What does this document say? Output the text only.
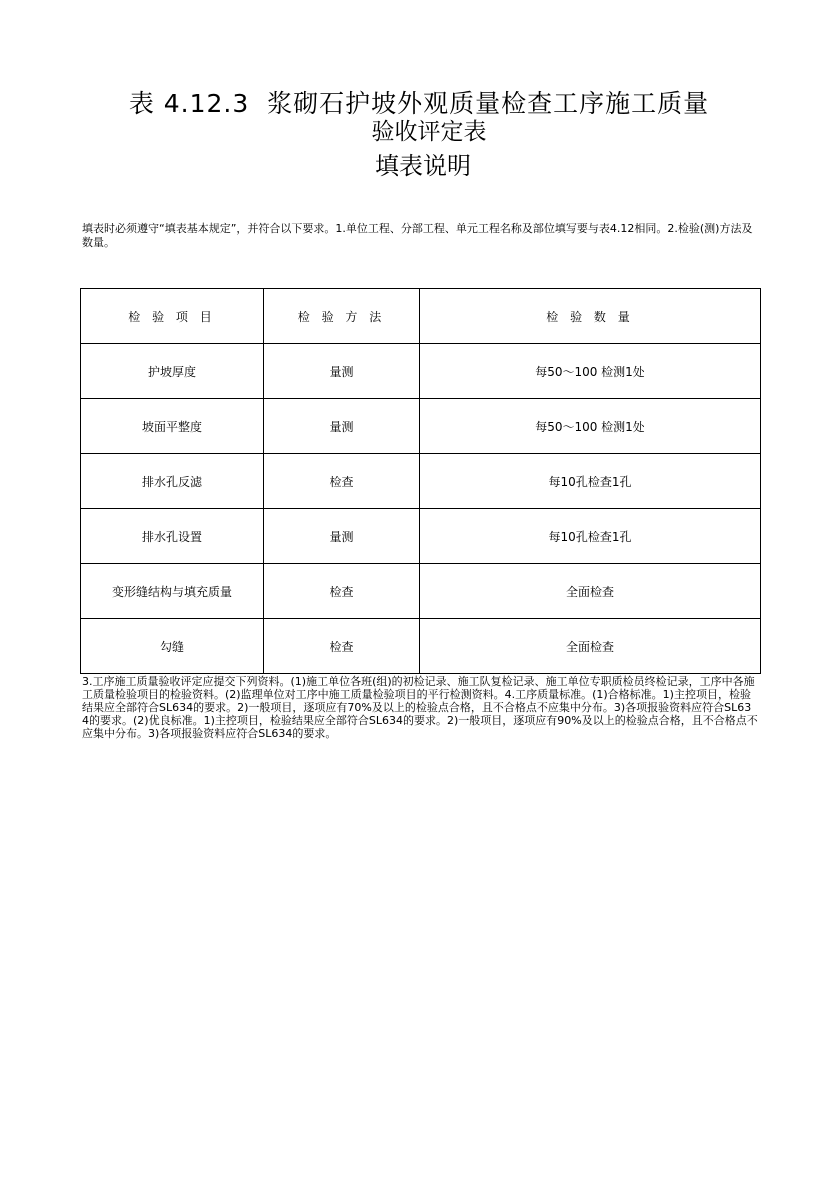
表 4.12.3  浆砌石护坡外观质量检查工序施工质量
验收评定表
填表说明
填表时必须遵守“填表基本规定”，并符合以下要求。1.单位工程、分部工程、单元工程名称及部位填写要与表4.12相同。2.检验(测)方法及数量。
检 验 项 目	检 验 方 法	检 验 数 量
护坡厚度	量测	每50～100 检测1处
坡面平整度	量测	每50～100 检测1处
排水孔反滤	检查	每10孔检查1孔
排水孔设置	量测	每10孔检查1孔
变形缝结构与填充质量	检查	全面检查
勾缝	检查	全面检查
3.工序施工质量验收评定应提交下列资料。(1)施工单位各班(组)的初检记录、施工队复检记录、施工单位专职质检员终检记录，工序中各施工质量检验项目的检验资料。(2)监理单位对工序中施工质量检验项目的平行检测资料。4.工序质量标准。(1)合格标准。1)主控项目，检验结果应全部符合SL634的要求。2)一般项目，逐项应有70%及以上的检验点合格，且不合格点不应集中分布。3)各项报验资料应符合SL634的要求。(2)优良标准。1)主控项目，检验结果应全部符合SL634的要求。2)一般项目，逐项应有90%及以上的检验点合格，且不合格点不应集中分布。3)各项报验资料应符合SL634的要求。
